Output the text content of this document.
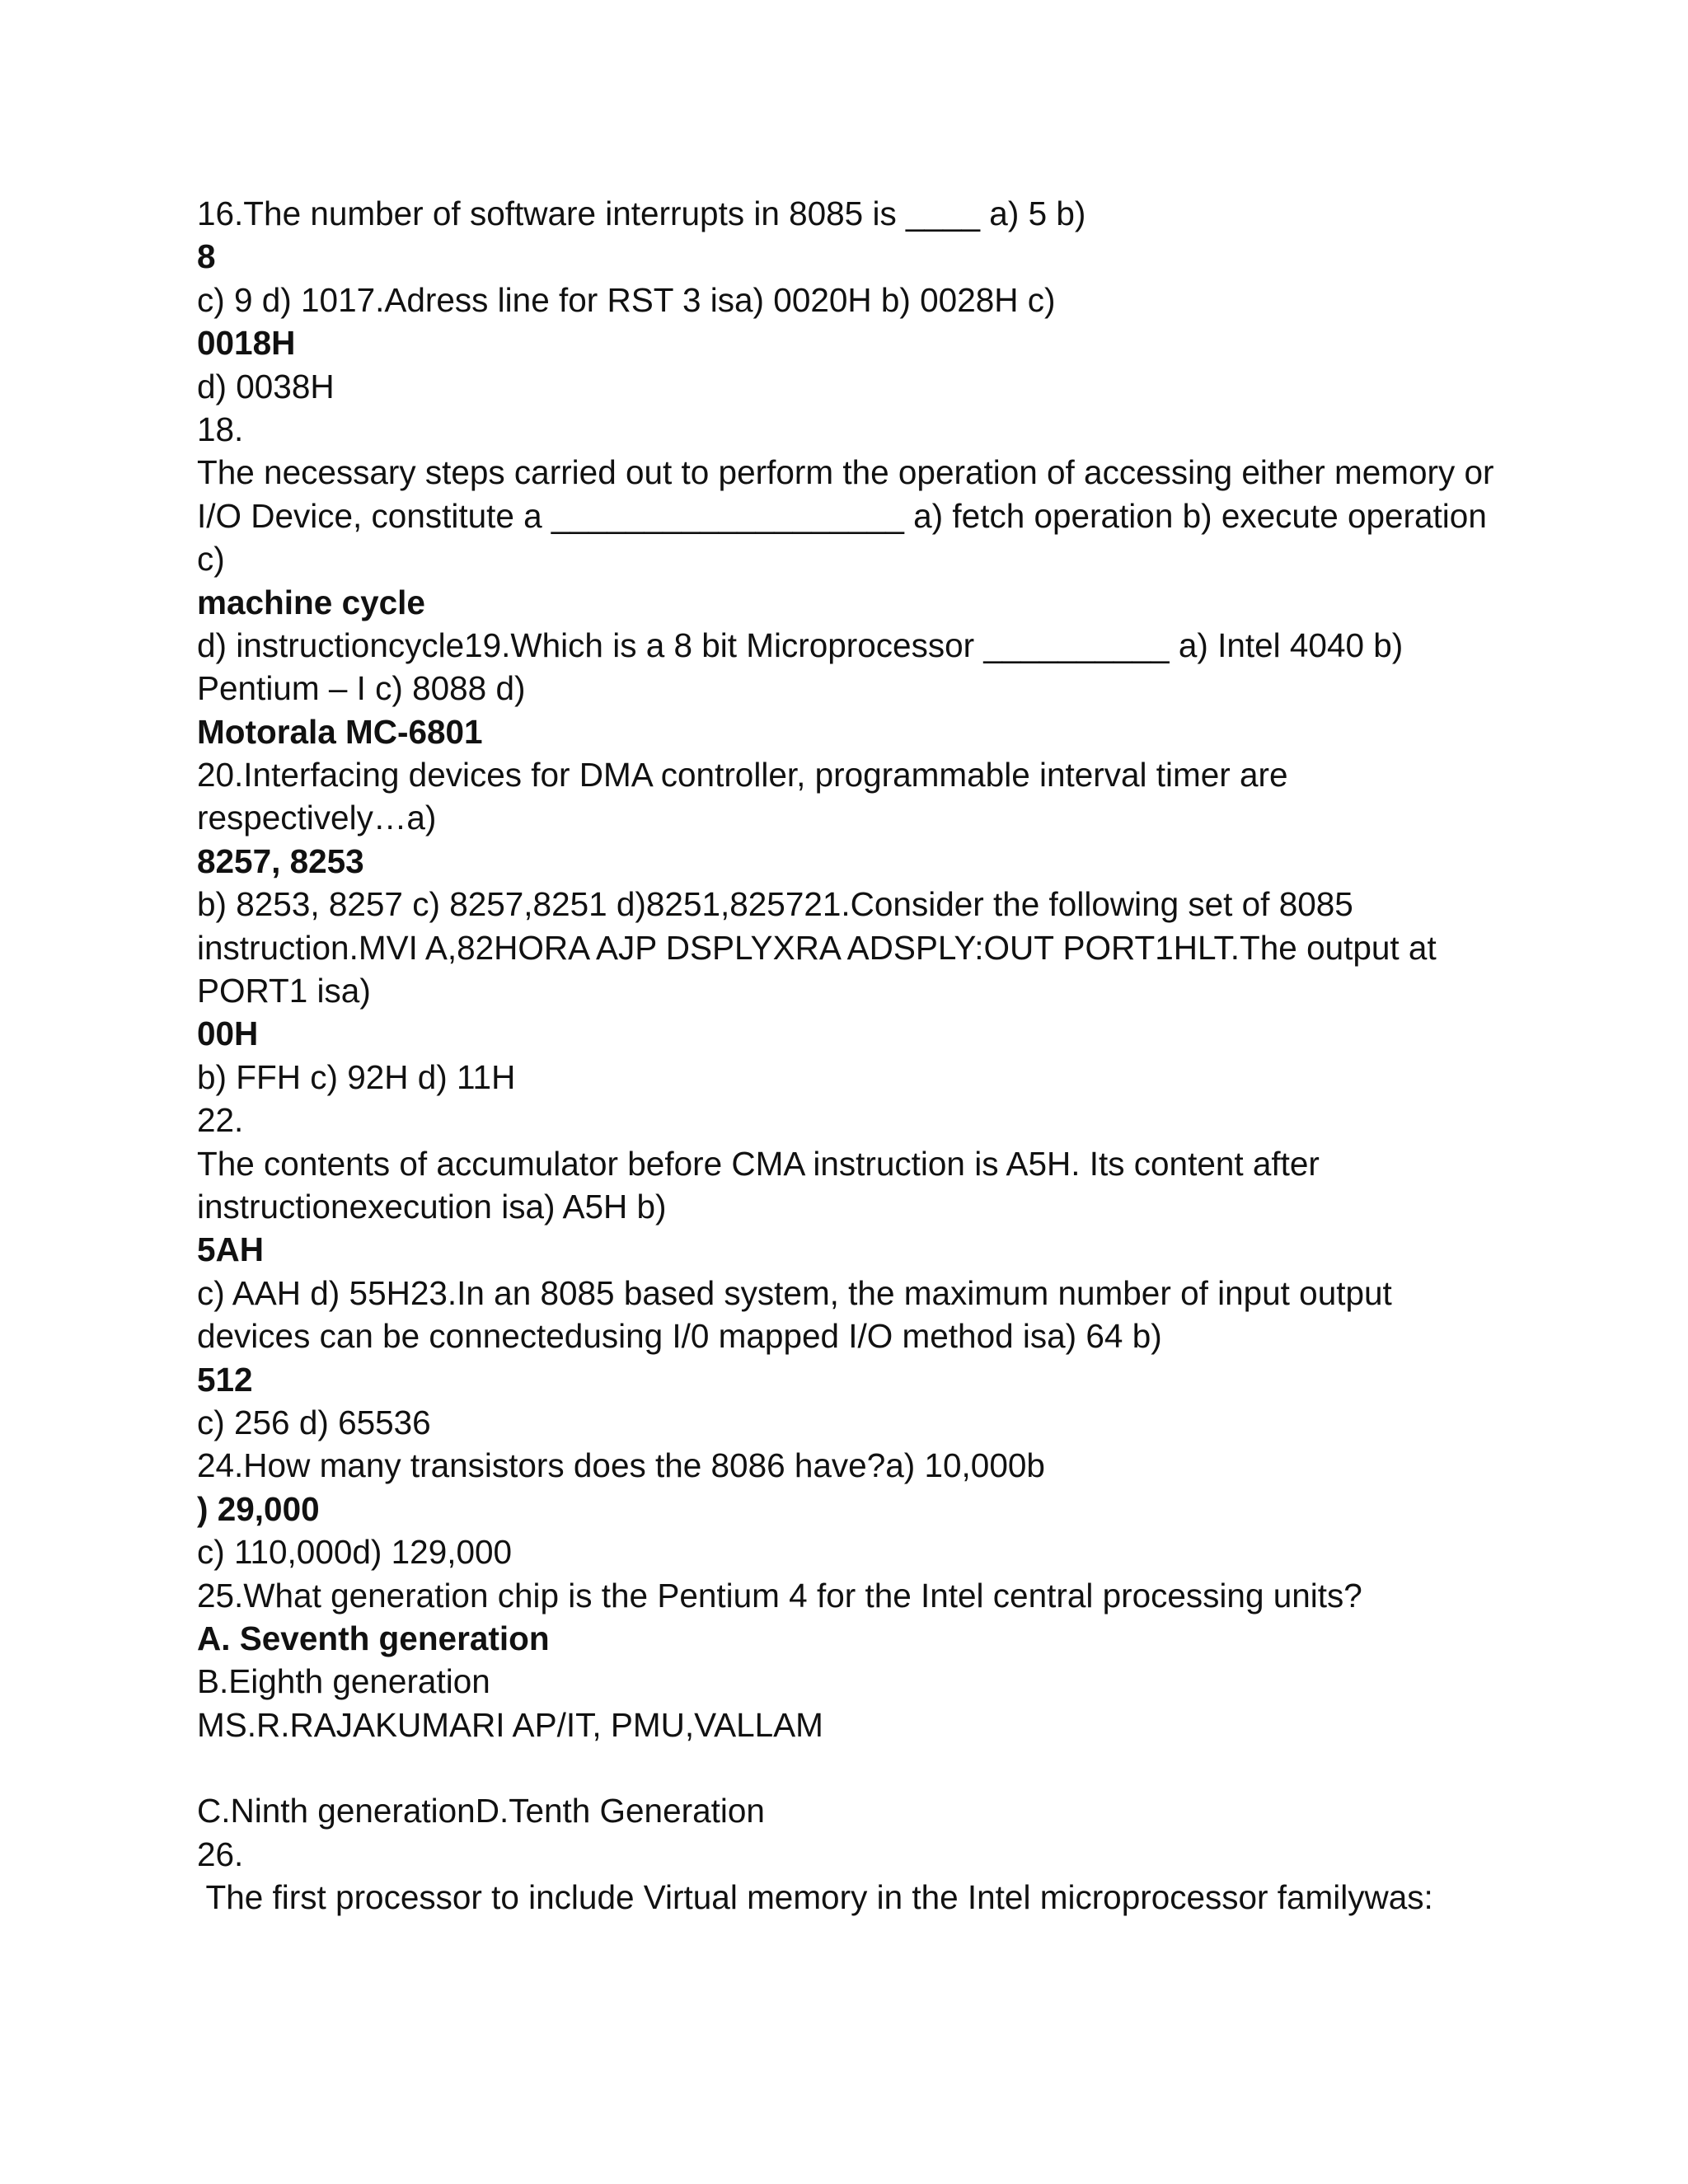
16.The number of software interrupts in 8085 is ____ a) 5 b)
8
c) 9 d) 1017.Adress line for RST 3 isa) 0020H b) 0028H c)
0018H
d) 0038H
18.
The necessary steps carried out to perform the operation of accessing either memory or
I/O Device, constitute a ___________________ a) fetch operation b) execute operation
c)
machine cycle
d) instructioncycle19.Which is a 8 bit Microprocessor __________ a) Intel 4040 b)
Pentium – I c) 8088 d)
Motorala MC-6801
20.Interfacing devices for DMA controller, programmable interval timer are
respectively…a)
8257, 8253
b) 8253, 8257 c) 8257,8251 d)8251,825721.Consider the following set of 8085
instruction.MVI A,82HORA AJP DSPLYXRA ADSPLY:OUT PORT1HLT.The output at
PORT1 isa)
00H
b) FFH c) 92H d) 11H
22.
The contents of accumulator before CMA instruction is A5H. Its content after
instructionexecution isa) A5H b)
5AH
c) AAH d) 55H23.In an 8085 based system, the maximum number of input output
devices can be connectedusing I/0 mapped I/O method isa) 64 b)
512
c) 256 d) 65536
24.How many transistors does the 8086 have?a) 10,000b
) 29,000
c) 110,000d) 129,000
25.What generation chip is the Pentium 4 for the Intel central processing units?
A. Seventh generation
B.Eighth generation
MS.R.RAJAKUMARI AP/IT, PMU,VALLAM
C.Ninth generationD.Tenth Generation
26.
The first processor to include Virtual memory in the Intel microprocessor familywas:
